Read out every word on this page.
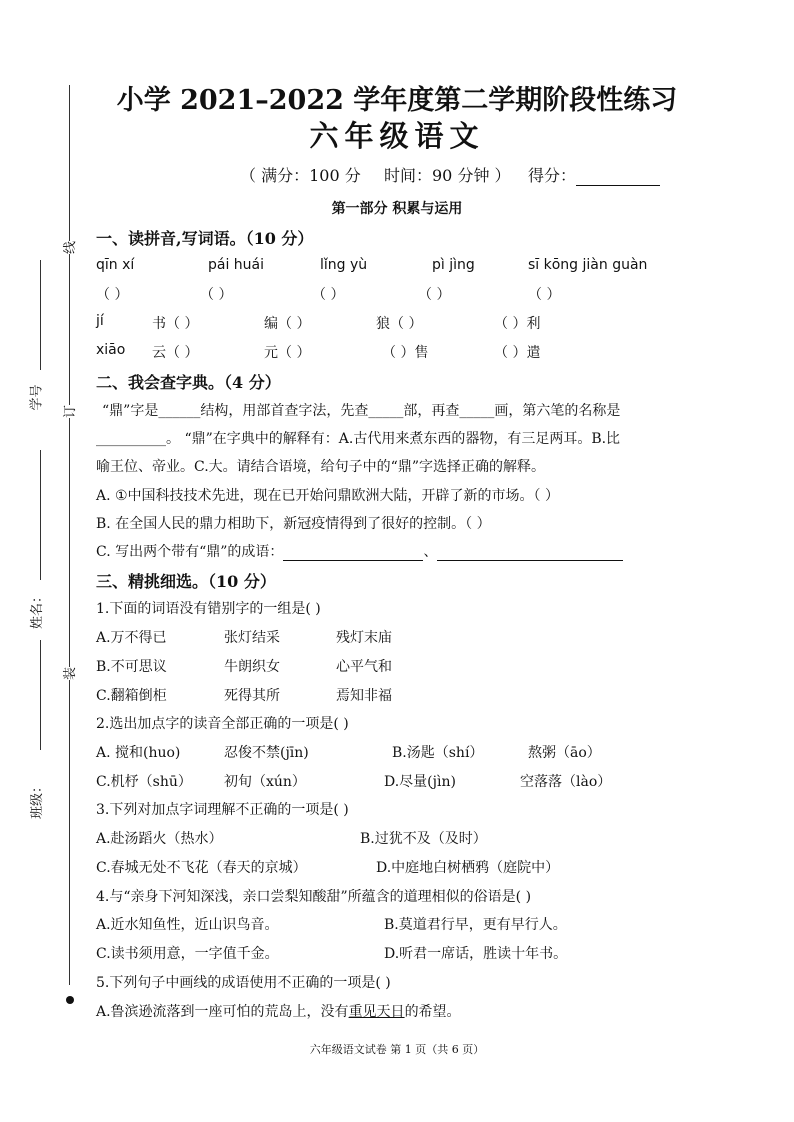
线
订
装
学号
姓名：
班级：
小学 2021–2022 学年度第二学期阶段性练习
六年级语文
（ 满分：100 分 时间：90 分钟 ） 得分：
第一部分 积累与运用
一、读拼音,写词语。（10 分）
qīn xí	pái huái	lǐng yù	pì jìng	sī kōng jiàn guàn
（ ）	（ ）	（ ）	（ ）	（ ）
jí	书（ ）	编（ ）	狼（ ）	（ ）利
xiāo 云（ ）	元（ ）	（ ）售	（ ）遣
二、我会查字典。（4 分）
“鼎”字是______结构，用部首查字法，先查_____部，再查_____画，第六笔的名称是
__________。 “鼎”在字典中的解释有：A.古代用来煮东西的器物，有三足两耳。B.比
喻王位、帝业。C.大。请结合语境，给句子中的“鼎”字选择正确的解释。
A. ①中国科技技术先进，现在已开始问鼎欧洲大陆，开辟了新的市场。（ ）
B. 在全国人民的鼎力相助下，新冠疫情得到了很好的控制。（ ）
C. 写出两个带有“鼎”的成语：	、
三、精挑细选。（10 分）
1.下面的词语没有错别字的一组是( )
A.万不得已	张灯结采	残灯末庙
B.不可思议	牛朗织女	心平气和
C.翻箱倒柜	死得其所	焉知非福
2.选出加点字的读音全部正确的一项是( )
A. 搅和(huo)	忍俊不禁(jīn)	B.汤匙（shí）	熬粥（āo）
C.机杼（shū） 初旬（xún）	D.尽量(jìn)	空落落（lào）
3.下列对加点字词理解不正确的一项是( )
A.赴汤蹈火（热水）	B.过犹不及（及时）
C.春城无处不飞花（春天的京城）	D.中庭地白树栖鸦（庭院中）
4.与“亲身下河知深浅，亲口尝梨知酸甜”所蕴含的道理相似的俗语是( )
A.近水知鱼性，近山识鸟音。	B.莫道君行早，更有早行人。
C.读书须用意，一字值千金。	D.听君一席话，胜读十年书。
5.下列句子中画线的成语使用不正确的一项是( )
A.鲁滨逊流落到一座可怕的荒岛上，没有重见天日的希望。
六年级语文试卷 第 1 页（共 6 页）
